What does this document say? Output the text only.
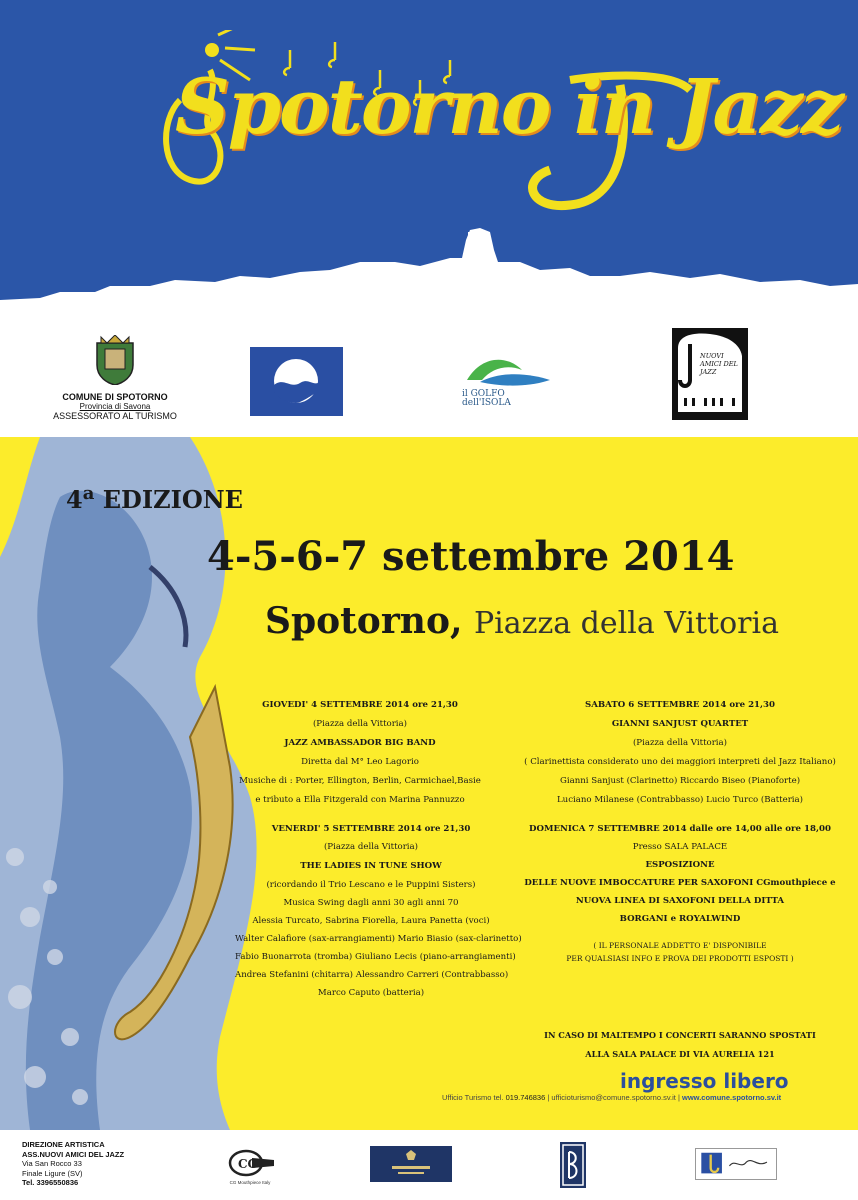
Spotorno in Jazz
COMUNE DI SPOTORNO
Provincia di Savona
ASSESSORATO AL TURISMO
il GOLFO
dell'ISOLA
NUOVI AMICI DEL JAZZ
4$^a$ EDIZIONE
4-5-6-7 settembre 2014
Spotorno, Piazza della Vittoria
GIOVEDI' 4 SETTEMBRE 2014 ore 21,30
(Piazza della Vittoria)
JAZZ AMBASSADOR BIG BAND
Diretta dal M° Leo Lagorio
Musiche di : Porter, Ellington, Berlin, Carmichael,Basie
e tributo a Ella Fitzgerald con Marina Pannuzzo
VENERDI' 5 SETTEMBRE 2014 ore 21,30
(Piazza della Vittoria)
THE LADIES IN TUNE SHOW
(ricordando il Trio Lescano e le Puppini Sisters)
Musica Swing dagli anni 30 agli anni 70
Alessia Turcato, Sabrina Fiorella, Laura Panetta (voci)
Walter Calafiore (sax-arrangiamenti) Mario Biasio (sax-clarinetto)
Fabio Buonarrota (tromba) Giuliano Lecis (piano-arrangiamenti)
Andrea Stefanini (chitarra) Alessandro Carreri (Contrabbasso)
Marco Caputo (batteria)
SABATO 6 SETTEMBRE 2014 ore 21,30
GIANNI SANJUST QUARTET
(Piazza della Vittoria)
( Clarinettista considerato uno dei maggiori interpreti del Jazz Italiano)
Gianni Sanjust (Clarinetto) Riccardo Biseo (Pianoforte)
Luciano Milanese (Contrabbasso) Lucio Turco (Batteria)
DOMENICA 7 SETTEMBRE 2014 dalle ore 14,00 alle ore 18,00
Presso SALA PALACE
ESPOSIZIONE
DELLE NUOVE IMBOCCATURE PER SAXOFONI CGmouthpiece e
NUOVA LINEA DI SAXOFONI DELLA DITTA
BORGANI e ROYALWIND
( IL PERSONALE ADDETTO E' DISPONIBILE
PER QUALSIASI INFO E PROVA DEI PRODOTTI ESPOSTI )
IN CASO DI MALTEMPO I CONCERTI SARANNO SPOSTATI
ALLA SALA PALACE DI VIA AURELIA 121
ingresso libero
Ufficio Turismo tel. 019.746836 | ufficioturismo@comune.spotorno.sv.it | www.comune.spotorno.sv.it
DIREZIONE ARTISTICA
ASS.NUOVI AMICI DEL JAZZ
Via San Rocco 33
Finale Ligure (SV)
Tel. 3396550836
CG
CG Mouthpiece Italy
